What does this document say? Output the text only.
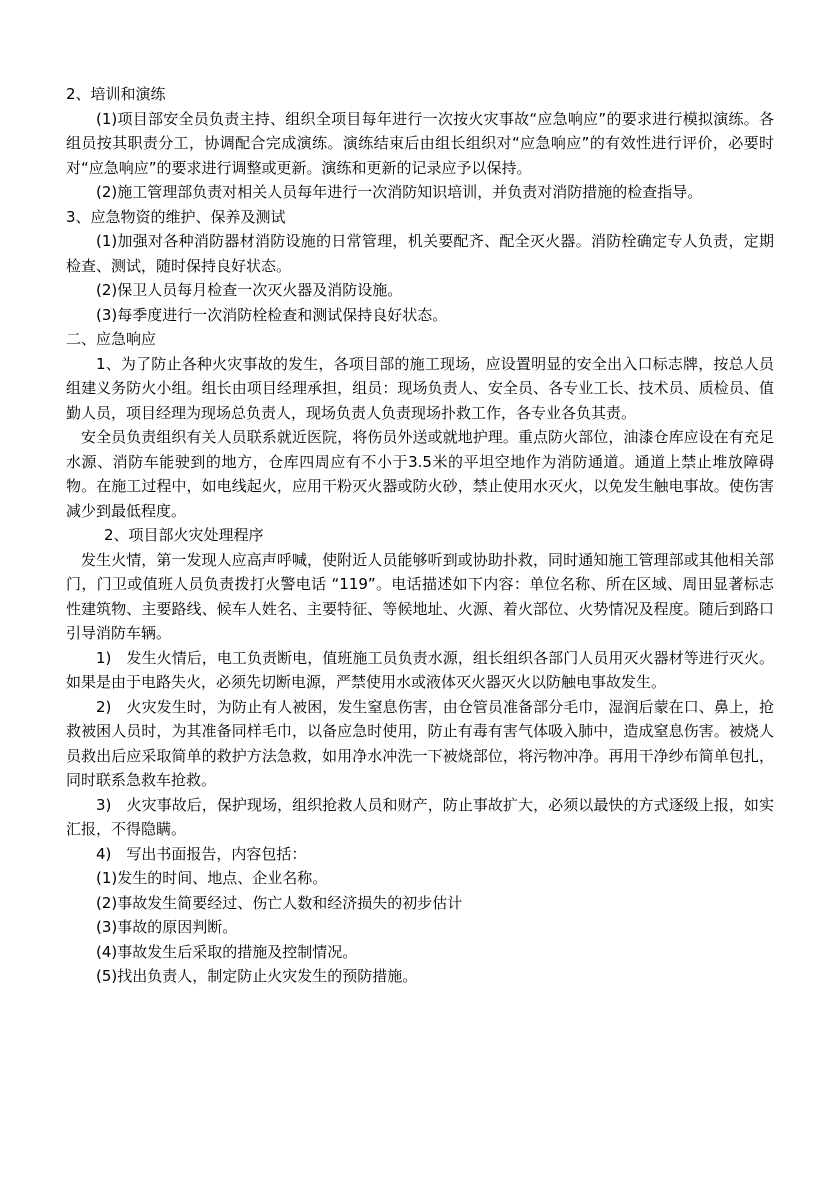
2、培训和演练

(1)项目部安全员负责主持、组织全项目每年进行一次按火灾事故“应急响应”的要求进行模拟演练。各组员按其职责分工，协调配合完成演练。演练结束后由组长组织对“应急响应”的有效性进行评价，必要时对“应急响应”的要求进行调整或更新。演练和更新的记录应予以保持。

(2)施工管理部负责对相关人员每年进行一次消防知识培训，并负责对消防措施的检查指导。

3、应急物资的维护、保养及测试

(1)加强对各种消防器材消防设施的日常管理，机关要配齐、配全灭火器。消防栓确定专人负责，定期检查、测试，随时保持良好状态。

(2)保卫人员每月检查一次灭火器及消防设施。

(3)每季度进行一次消防栓检查和测试保持良好状态。

二、应急响应

1、为了防止各种火灾事故的发生，各项目部的施工现场，应设置明显的安全出入口标志牌，按总人员组建义务防火小组。组长由项目经理承担，组员：现场负责人、安全员、各专业工长、技术员、质检员、值勤人员，项目经理为现场总负责人，现场负责人负责现场扑救工作，各专业各负其责。

安全员负责组织有关人员联系就近医院，将伤员外送或就地护理。重点防火部位，油漆仓库应设在有充足水源、消防车能驶到的地方，仓库四周应有不小于3.5米的平坦空地作为消防通道。通道上禁止堆放障碍物。在施工过程中，如电线起火，应用干粉灭火器或防火砂，禁止使用水灭火，以免发生触电事故。使伤害减少到最低程度。

2、项目部火灾处理程序

发生火情，第一发现人应高声呼喊，使附近人员能够听到或协助扑救，同时通知施工管理部或其他相关部门，门卫或值班人员负责拨打火警电话 “119”。电话描述如下内容：单位名称、所在区域、周田显著标志性建筑物、主要路线、候车人姓名、主要特征、等候地址、火源、着火部位、火势情况及程度。随后到路口引导消防车辆。

1)　发生火情后，电工负责断电，值班施工员负责水源，组长组织各部门人员用灭火器材等进行灭火。如果是由于电路失火，必须先切断电源，严禁使用水或液体灭火器灭火以防触电事故发生。

2)　火灾发生时，为防止有人被困，发生窒息伤害，由仓管员准备部分毛巾，湿润后蒙在口、鼻上，抢救被困人员时，为其准备同样毛巾，以备应急时使用，防止有毒有害气体吸入肺中，造成窒息伤害。被烧人员救出后应采取简单的救护方法急救，如用净水冲洗一下被烧部位，将污物冲净。再用干净纱布简单包扎，同时联系急救车抢救。

3)　火灾事故后，保护现场，组织抢救人员和财产，防止事故扩大，必须以最快的方式逐级上报，如实汇报，不得隐瞒。

4)　写出书面报告，内容包括：

(1)发生的时间、地点、企业名称。

(2)事故发生简要经过、伤亡人数和经济损失的初步估计

(3)事故的原因判断。

(4)事故发生后采取的措施及控制情况。

(5)找出负责人，制定防止火灾发生的预防措施。
